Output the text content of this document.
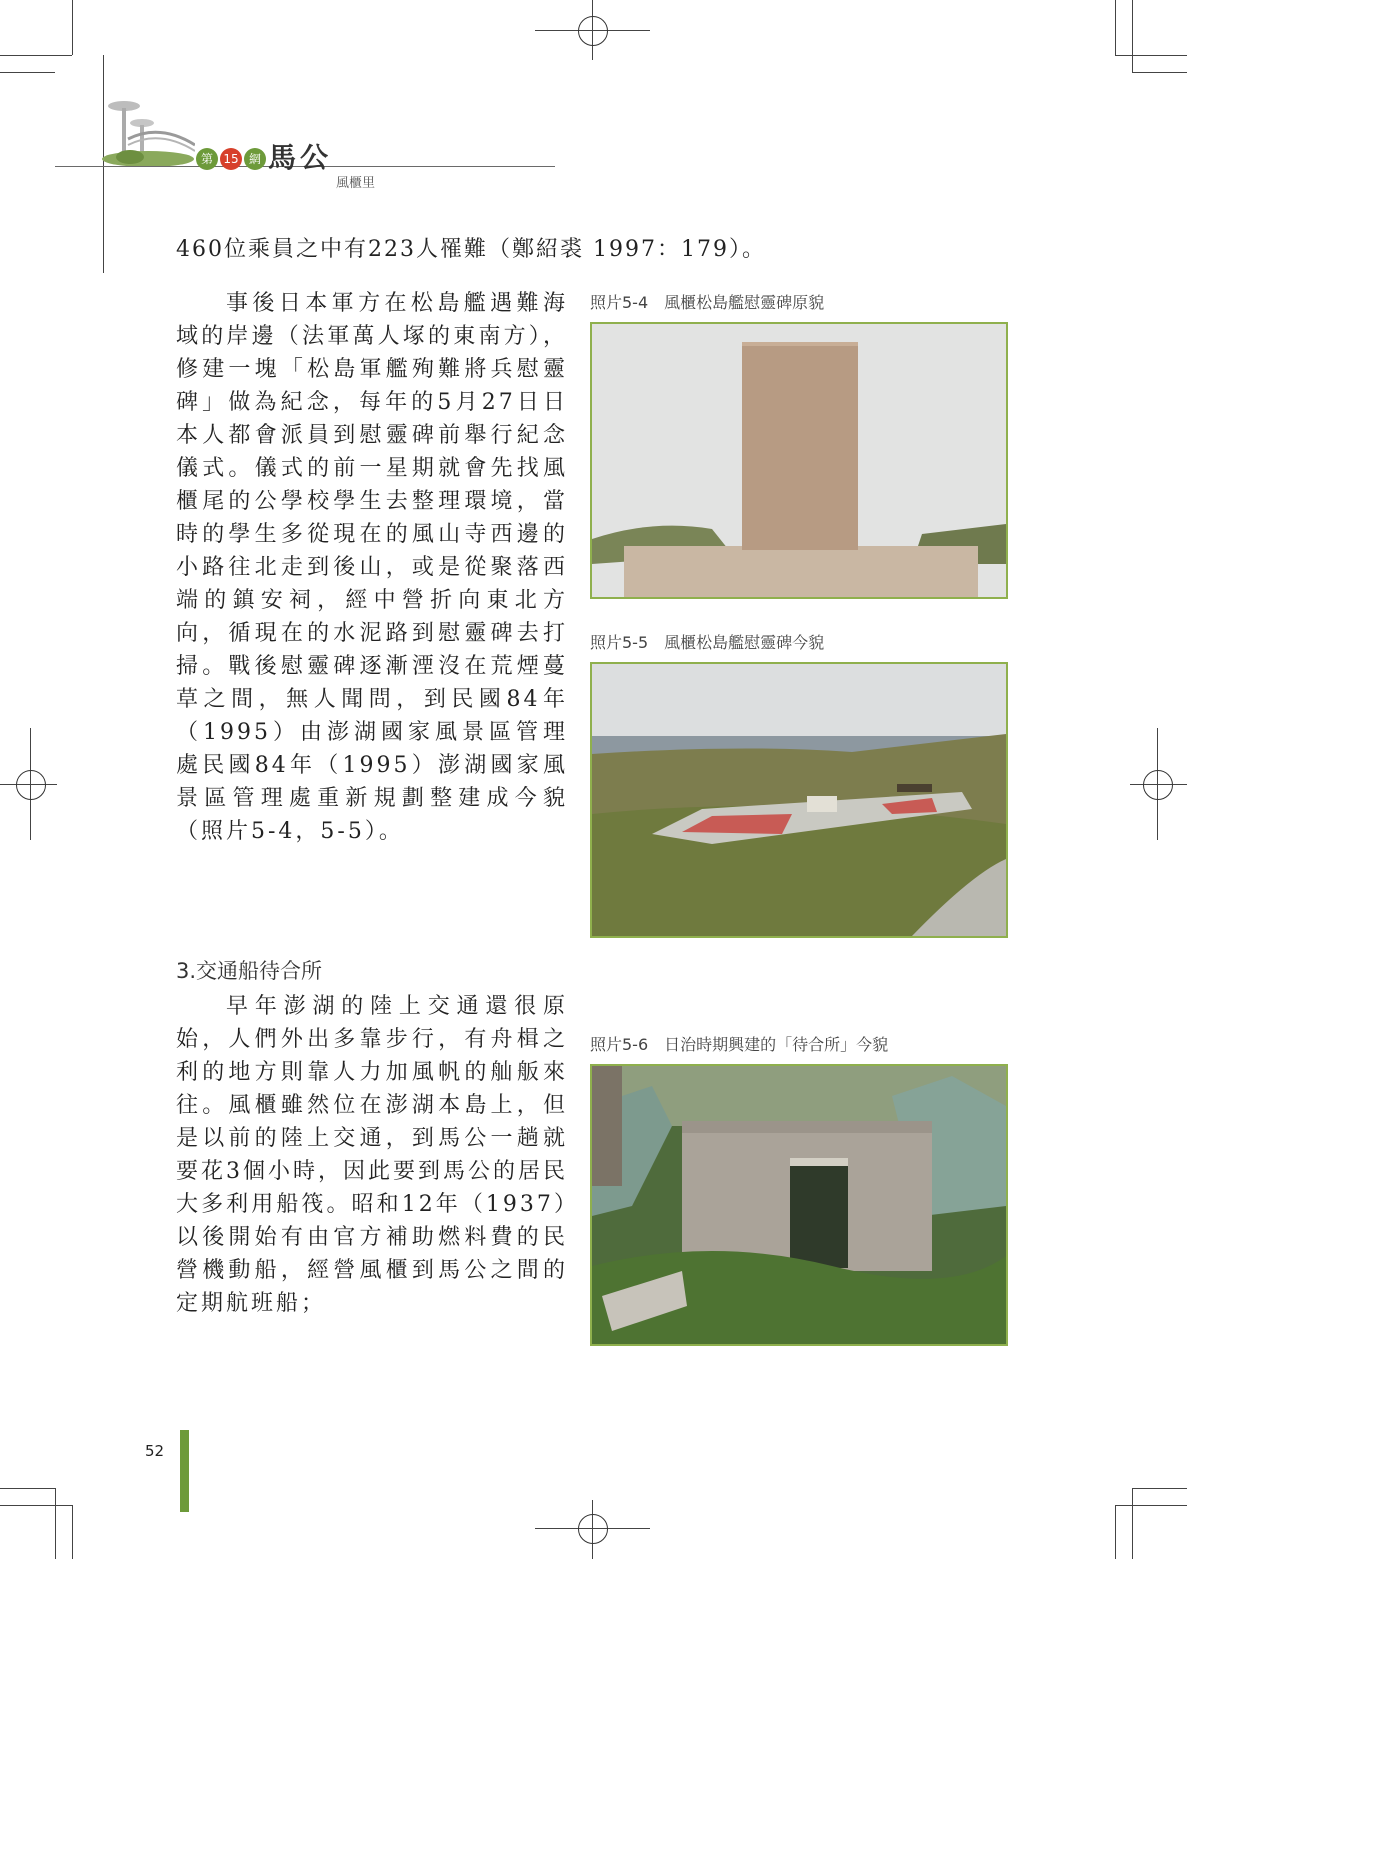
第 15 網 馬公
風櫃里
460位乘員之中有223人罹難（鄭紹裘 1997：179）。
事後日本軍方在松島艦遇難海域的岸邊（法軍萬人塚的東南方），修建一塊「松島軍艦殉難將兵慰靈碑」做為紀念，每年的5月27日日本人都會派員到慰靈碑前舉行紀念儀式。儀式的前一星期就會先找風櫃尾的公學校學生去整理環境，當時的學生多從現在的風山寺西邊的小路往北走到後山，或是從聚落西端的鎮安祠，經中營折向東北方向，循現在的水泥路到慰靈碑去打掃。戰後慰靈碑逐漸湮沒在荒煙蔓草之間，無人聞問，到民國84年（1995）由澎湖國家風景區管理處民國84年（1995）澎湖國家風景區管理處重新規劃整建成今貌（照片5-4，5-5）。
3.交通船待合所
早年澎湖的陸上交通還很原始，人們外出多靠步行，有舟楫之利的地方則靠人力加風帆的舢舨來往。風櫃雖然位在澎湖本島上，但是以前的陸上交通，到馬公一趟就要花3個小時，因此要到馬公的居民大多利用船筏。昭和12年（1937）以後開始有由官方補助燃料費的民營機動船，經營風櫃到馬公之間的定期航班船；
照片5-4　風櫃松島艦慰靈碑原貌
照片5-5　風櫃松島艦慰靈碑今貌
照片5-6　日治時期興建的「待合所」今貌
52
